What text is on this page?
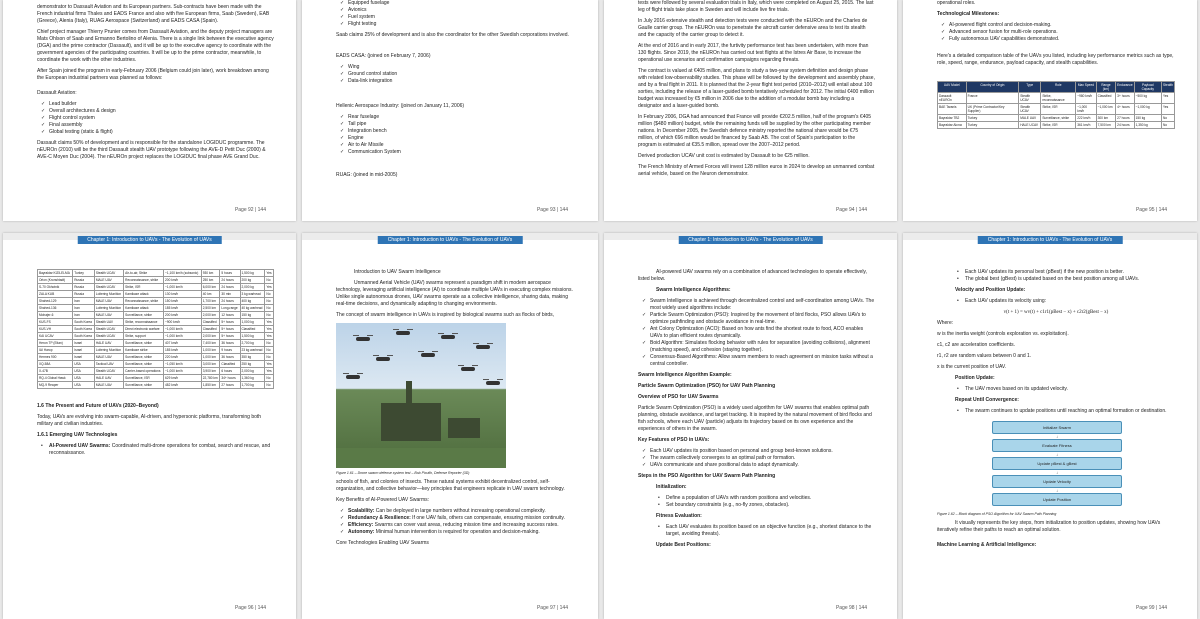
demonstrator to Dassault Aviation and its European partners. Sub-contracts have been made with the French industrial firms Thales and EADS France and also with five European firms, Saab (Sweden), EAB (Greece), Alenia (Italy), RUAG Aerospace (Switzerland) and EADS CASA (Spain).

Chief project manager Thierry Prunier comes from Dassault Aviation, and the deputy project managers are Mats Ohlson of Saab and Ermanno Bertolino of Alenia. There is a single link between the executive agency (DGA) and the prime contractor (Dassault), and it will be up to the executive agency to coordinate with the government agencies of the participating countries. It will be up to the prime contractor, meanwhile, to coordinate the work with the other industries.

After Spain joined the program in early-February 2006 (Belgium could join later), work breakdown among the European industrial partners was planned as follows:

Dassault Aviation:

✓ Lead builder
✓ Overall architectures & design
✓ Flight control system
✓ Final assembly
✓ Global testing (static & flight)

Dassault claims 50% of development and is responsible for the standalone LOGIDUC programme. The nEUROn (2010) will be the third Dassault stealth UAV prototype following the AVE-D Petit Duc (2000) & AVE-C Moyen Duc (2004). The nEUROn project replaces the LOGIDUC final phase AVE Grand Duc.

Page 92 | 144
✓ Equipped fuselage
✓ Avionics
✓ Fuel system
✓ Flight testing

Saab claims 25% of development and is also the coordinator for the other Swedish corporations involved.

EADS CASA: (joined on February 7, 2006)

✓ Wing
✓ Ground control station
✓ Data-link integration

Hellenic Aerospace Industry: (joined on January 11, 2006)

✓ Rear fuselage
✓ Tail pipe
✓ Integration bench
✓ Engine
✓ Air to Air Missile
✓ Communication System

RUAG: (joined in mid-2005)

Page 93 | 144

tests were followed by several evaluation trials in Italy, which were completed on August 25, 2015. The last leg of flight trials take place in Sweden and will include live fire trials.

In July 2016 extensive stealth and detection tests were conducted with the nEUROn and the Charles de Gaulle carrier group. The nEUROn was to penetrate the aircraft carrier defensive area to test its stealth and the capacity of the carrier group to detect it.

At the end of 2016 and in early 2017, the furtivity performance test has been undertaken, with more than 130 flights. Since 2019, the nEUROn has carried out test flights at the Istres Air Base, to increase the operational use scenarios and confirmation campaigns regarding threats.

The contract is valued at €405 million, and plans to study a two-year system definition and design phase with related low-observability studies. This phase will be followed by the development and assembly phase, and by a final flight in 2011. It is planned that the 2-year flight test period (2010–2012) will entail about 100 sorties, including the release of a laser-guided bomb tentatively scheduled for 2012. The initial €400 million budget was increased by €5 million in 2006 due to the addition of a modular bomb bay including a designator and a laser-guided bomb.

In February 2006, DGA had announced that France will provide €202.5 million, half of the program's €405 million ($480 million) budget, while the remaining funds will be supplied by the other participating member nations. In December 2005, the Swedish defence ministry reported the national share would be €75 million, of which €66 million would be financed by Saab AB. The cost of Spain's participation to the program is estimated at €35.5 million, spread over the 2007–2012 period.

Derived production UCAV unit cost is estimated by Dassault to be €25 million.

The French Ministry of Armed Forces will invest 128 million euros in 2024 to develop an unmanned combat aerial vehicle, based on the Neuron demonstrator.

Page 94 | 144

operational roles.

Technological Milestones:

✓ AI-powered flight control and decision-making.
✓ Advanced sensor fusion for multi-role operations.
✓ Fully autonomous UAV capabilities demonstrated.

Here's a detailed comparison table of the UAVs you listed, including key performance metrics such as type, role, speed, range, endurance, payload capacity, and stealth capabilities.

UAV Model	Country of Origin	Type	Role	Max Speed	Range (km)	Endurance	Payload Capacity	Stealth
Dassault nEUROn	France	Stealth UCAV	Strike, reconnaissance	~980 km/h	Classified	3+ hours	~500 kg	Yes
BAE Taranis	UK (Prime Contractor/Key Supplier)	Stealth UCAV	Strike, ISR	~1,000 km/h	~1,000 km	4+ hours	~1,000 kg	Yes
Bayraktar TB2	Turkey	MALE UAV	Surveillance, strike	222 km/h	300 km	27 hours	150 kg	No
Bayraktar Akıncı	Turkey	HALE UCAV	Strike, ISR	361 km/h	7,500 km	24 hours	1,350 kg	No
Page 95 | 144
Chapter 1: Introduction to UAVs - The Evolution of UAVs
Bayraktar KIZILELMA	Turkey	Stealth UCAV	Air-to-air, Strike	~1,100 km/h (subsonic)	930 km	5 hours	1,500 kg	Yes
Orion (Kronshtadt)	Russia	MALE UAV	Reconnaissance, strike	200 km/h	250 km	24 hours	200 kg	No
S-70 Okhotnik	Russia	Stealth UCAV	Strike, ISR	~1,000 km/h	6,000 km	24 hours	2,000 kg	Yes
ZALA KUB	Russia	Loitering Munition	Kamikaze attack	130 km/h	40 km	30 min	3 kg warhead	No
Shahed-129	Iran	MALE UAV	Reconnaissance, strike	150 km/h	1,700 km	24 hours	400 kg	No
Shahed-136	Iran	Loitering Munition	Kamikaze attack	185 km/h	2,500 km	Long-range	40 kg warhead	No
Mohajer-6	Iran	MALE UAV	Surveillance, strike	200 km/h	2,000 km	12 hours	150 kg	No
KUS-FS	South Korea	Stealth UAV	Strike, reconnaissance	~900 km/h	Classified	5+ hours	1,000 kg	Yes
KUS-VH	South Korea	Stealth UCAV	Direct electronic warfare	~1,000 km/h	Classified	5+ hours	Classified	Yes
KAI UCAV	South Korea	Stealth UCAV	Strike, support	~1,000 km/h	2,000 km	5+ hours	1,500 kg	Yes
Heron TP (Eitan)	Israel	HALE UAV	Surveillance, strike	407 km/h	7,400 km	36 hours	2,700 kg	No
IAI Harop	Israel	Loitering Munition	Kamikaze strike	185 km/h	1,000 km	9 hours	23 kg warhead	No
Hermes 900	Israel	MALE UAV	Surveillance, strike	220 km/h	1,000 km	36 hours	350 kg	No
XQ-58A	USA	Tactical UAV	Surveillance, strike	~1,050 km/h	3,000 km	Classified	250 kg	Yes
X-47B	USA	Stealth UCAV	Carrier-based operations	~1,000 km/h	3,900 km	6 hours	2,000 kg	Yes
RQ-4 Global Hawk	USA	HALE UAV	Surveillance, ISR	629 km/h	22,780 km	34+ hours	1,360 kg	No
MQ-9 Reaper	USA	MALE UAV	Surveillance, strike	482 km/h	1,850 km	27 hours	1,700 kg	No

1.6 The Present and Future of UAVs (2020–Beyond)

Today, UAVs are evolving into swarm-capable, AI-driven, and hypersonic platforms, transforming both military and civilian industries.

1.6.1 Emerging UAV Technologies

• AI-Powered UAV Swarms: Coordinated multi-drone operations for combat, search and rescue, and reconnaissance.
Page 96 | 144
Chapter 1: Introduction to UAVs - The Evolution of UAVs

Introduction to UAV Swarm Intelligence

Unmanned Aerial Vehicle (UAV) swarms represent a paradigm shift in modern aerospace technology, leveraging artificial intelligence (AI) to coordinate multiple UAVs in executing complex missions. Unlike single autonomous drones, UAV swarms operate as a collective intelligence, sharing data, making real-time decisions, and dynamically adapting to changing environments.

The concept of swarm intelligence in UAVs is inspired by biological swarms such as flocks of birds,

Figure 1.61 – Drone swarm defense system test – Bob Picuith, Defense Reporter (3D)

schools of fish, and colonies of insects. These natural systems exhibit decentralized control, self-organization, and collective behavior—key principles that engineers replicate in UAV swarm technology.

Key Benefits of AI-Powered UAV Swarms:

✓ Scalability: Can be deployed in large numbers without increasing operational complexity.
✓ Redundancy & Resilience: If one UAV fails, others can compensate, ensuring mission continuity.
✓ Efficiency: Swarms can cover vast areas, reducing mission time and increasing success rates.
✓ Autonomy: Minimal human intervention is required for operation and decision-making.

Core Technologies Enabling UAV Swarms

Page 97 | 144
Chapter 1: Introduction to UAVs - The Evolution of UAVs

AI-powered UAV swarms rely on a combination of advanced technologies to operate effectively, listed below.

Swarm Intelligence Algorithms:

✓ Swarm Intelligence is achieved through decentralized control and self-coordination among UAVs. The most widely used algorithms include:
✓ Particle Swarm Optimization (PSO): Inspired by the movement of bird flocks, PSO allows UAVs to optimize pathfinding and obstacle avoidance in real-time.
✓ Ant Colony Optimization (ACO): Based on how ants find the shortest route to food, ACO enables UAVs to plan efficient routes dynamically.
✓ Boid Algorithm: Simulates flocking behavior with rules for separation (avoiding collisions), alignment (matching speed), and cohesion (staying together).
✓ Consensus-Based Algorithms: Allow swarm members to reach agreement on mission tasks without a central controller.

Swarm Intelligence Algorithm Example:

Particle Swarm Optimization (PSO) for UAV Path Planning

Overview of PSO for UAV Swarms

Particle Swarm Optimization (PSO) is a widely used algorithm for UAV swarms that enables optimal path planning, obstacle avoidance, and target tracking. It is inspired by the natural movement of bird flocks and fish schools, where each UAV (particle) adjusts its trajectory based on its own experience and the experiences of others in the swarm.

Key Features of PSO in UAVs:

✓ Each UAV updates its position based on personal and group best-known solutions.
✓ The swarm collectively converges to an optimal path or formation.
✓ UAVs communicate and share positional data to adapt dynamically.

Steps in the PSO Algorithm for UAV Swarm Path Planning

Initialization:

• Define a population of UAVs with random positions and velocities.
• Set boundary constraints (e.g., no-fly zones, obstacles).

Fitness Evaluation:

• Each UAV evaluates its position based on an objective function (e.g., shortest distance to the target, avoiding threats).

Update Best Positions:

Page 98 | 144
Chapter 1: Introduction to UAVs - The Evolution of UAVs
• Each UAV updates its personal best (pBest) if the new position is better.
• The global best (gBest) is updated based on the best position among all UAVs.

Velocity and Position Update:

• Each UAV updates its velocity using:
v(t + 1) = wv(t) + c1r1(pBest − x) + c2r2(gBest − x)

Where:

w is the inertia weight (controls exploration vs. exploitation).

c1, c2 are acceleration coefficients.

r1, r2 are random values between 0 and 1.

x is the current position of UAV.

Position Update:

• The UAV moves based on its updated velocity.

Repeat Until Convergence:

• The swarm continues to update positions until reaching an optimal formation or destination.
Initialize Swarm
↓
Evaluate Fitness
↓
Update pBest & gBest
↓
Update Velocity
↓
Update Position

Figure 1.62 – Block diagram of PSO Algorithm for UAV Swarm Path Planning

It visually represents the key steps, from initialization to position updates, showing how UAVs iteratively refine their paths to reach an optimal solution.

Machine Learning & Artificial Intelligence:

Page 99 | 144
